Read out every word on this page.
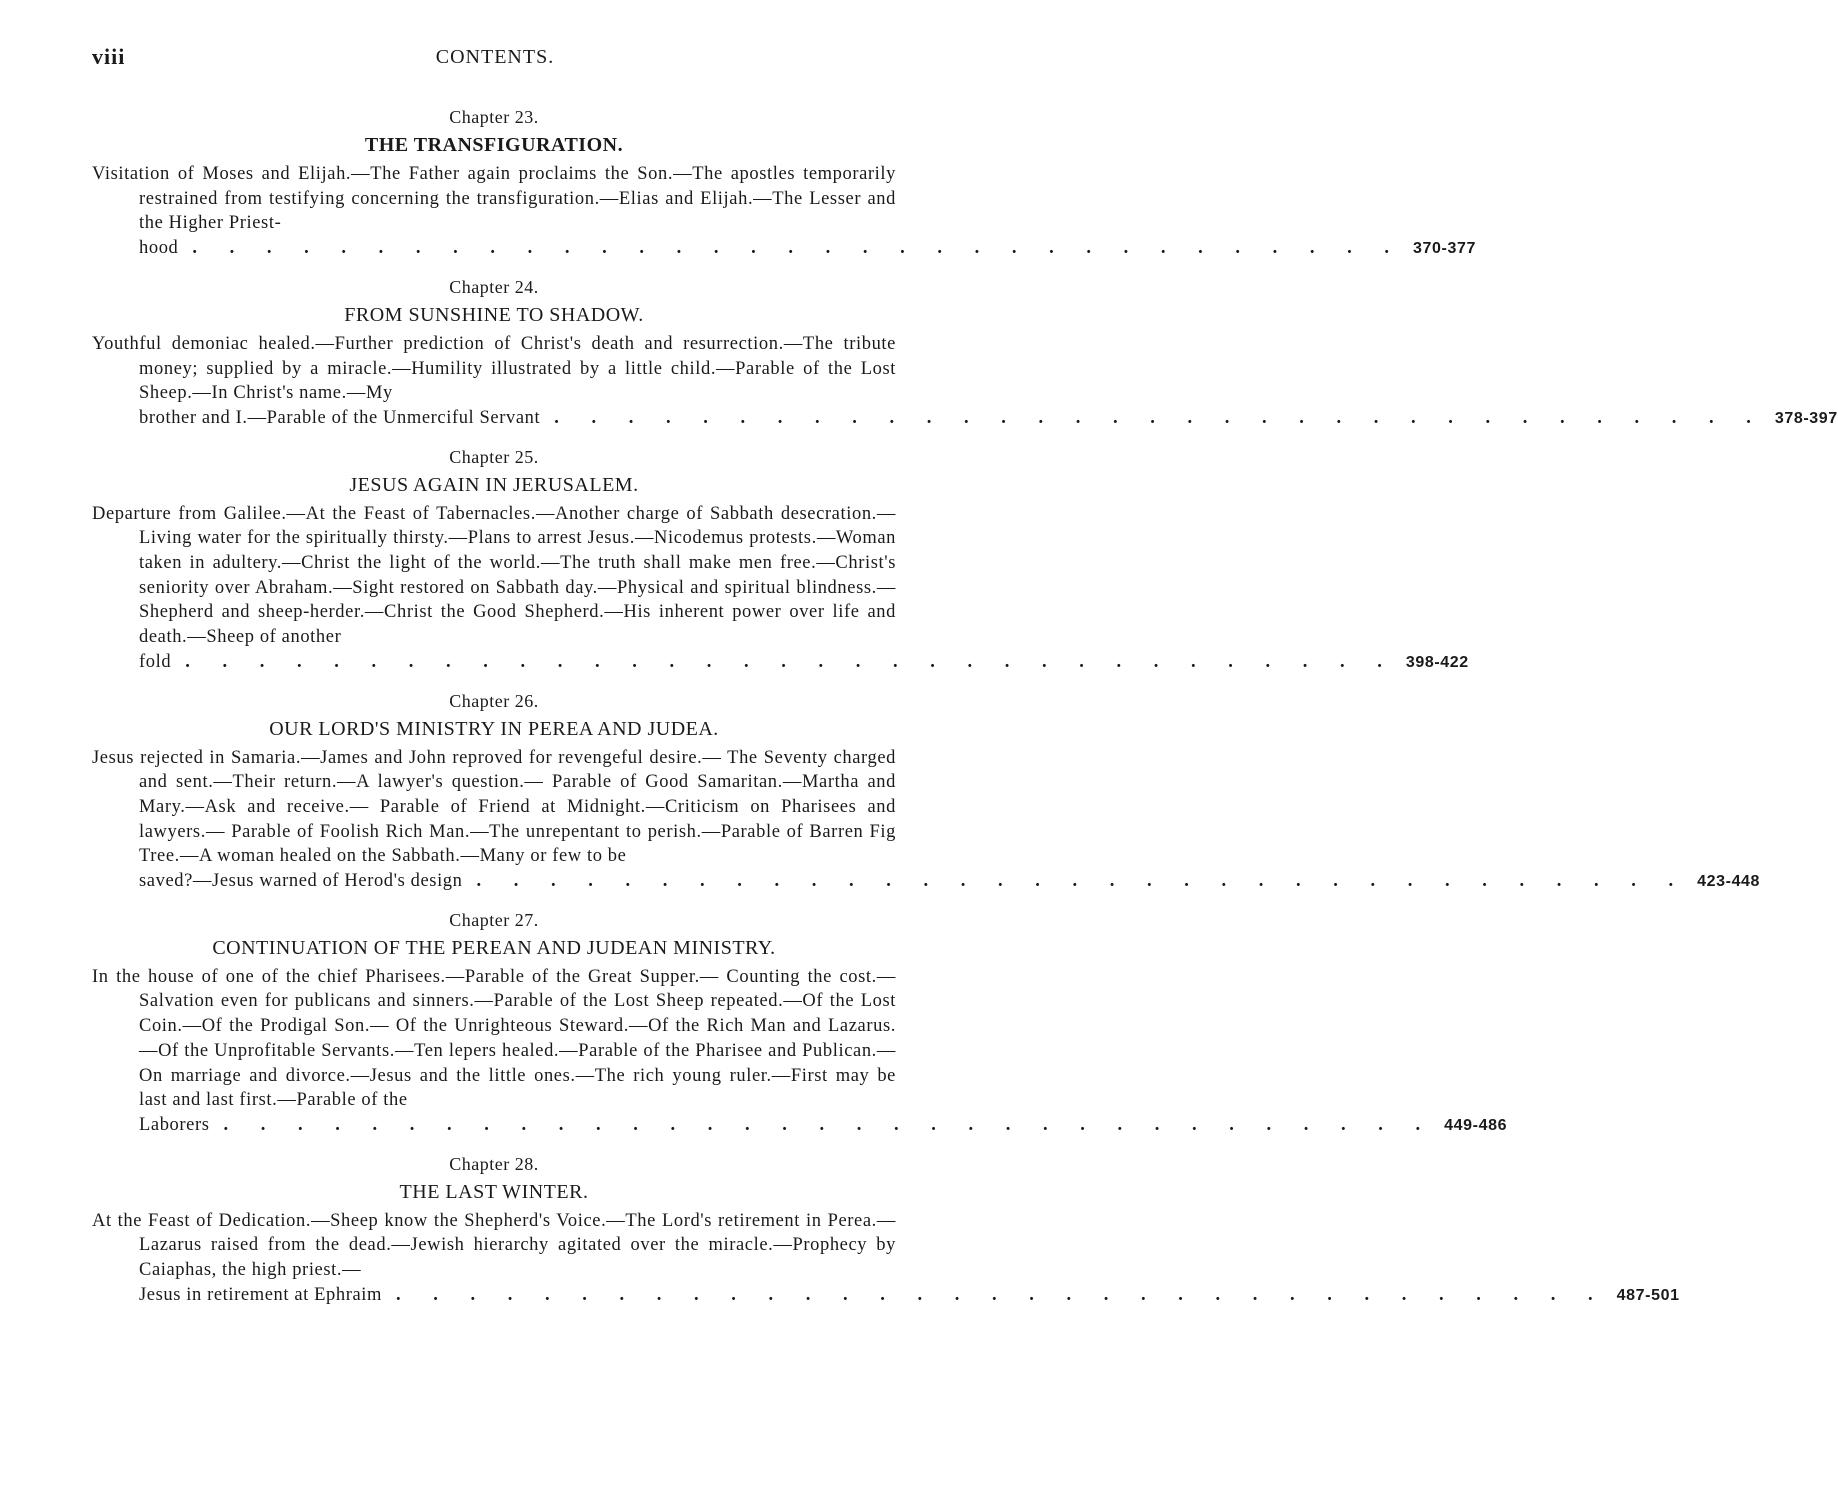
viii	CONTENTS.
Chapter 23.
THE TRANSFIGURATION.

Visitation of Moses and Elijah.—The Father again proclaims the Son.—The apostles temporarily restrained from testifying concerning the transfiguration.—Elias and Elijah.—The Lesser and the Higher Priest-

hood . . . . . . . . . . . . . . . . . . . . . . . . . . . . . . . . . 370-377
Chapter 24.
FROM SUNSHINE TO SHADOW.

Youthful demoniac healed.—Further prediction of Christ's death and resurrection.—The tribute money; supplied by a miracle.—Humility illustrated by a little child.—Parable of the Lost Sheep.—In Christ's name.—My

brother and I.—Parable of the Unmerciful Servant . . . . . . . . . . . . . . . . . . . . . . . . . . . . . . . . . 378-397
Chapter 25.
JESUS AGAIN IN JERUSALEM.

Departure from Galilee.—At the Feast of Tabernacles.—Another charge of Sabbath desecration.—Living water for the spiritually thirsty.—Plans to arrest Jesus.—Nicodemus protests.—Woman taken in adultery.—Christ the light of the world.—The truth shall make men free.—Christ's seniority over Abraham.—Sight restored on Sabbath day.—Physical and spiritual blindness.—Shepherd and sheep-herder.—Christ the Good Shepherd.—His inherent power over life and death.—Sheep of another

fold . . . . . . . . . . . . . . . . . . . . . . . . . . . . . . . . . 398-422
Chapter 26.
OUR LORD'S MINISTRY IN PEREA AND JUDEA.

Jesus rejected in Samaria.—James and John reproved for revengeful desire.— The Seventy charged and sent.—Their return.—A lawyer's question.— Parable of Good Samaritan.—Martha and Mary.—Ask and receive.— Parable of Friend at Midnight.—Criticism on Pharisees and lawyers.— Parable of Foolish Rich Man.—The unrepentant to perish.—Parable of Barren Fig Tree.—A woman healed on the Sabbath.—Many or few to be

saved?—Jesus warned of Herod's design . . . . . . . . . . . . . . . . . . . . . . . . . . . . . . . . . 423-448
Chapter 27.
CONTINUATION OF THE PEREAN AND JUDEAN MINISTRY.

In the house of one of the chief Pharisees.—Parable of the Great Supper.— Counting the cost.—Salvation even for publicans and sinners.—Parable of the Lost Sheep repeated.—Of the Lost Coin.—Of the Prodigal Son.— Of the Unrighteous Steward.—Of the Rich Man and Lazarus.—Of the Unprofitable Servants.—Ten lepers healed.—Parable of the Pharisee and Publican.—On marriage and divorce.—Jesus and the little ones.—The rich young ruler.—First may be last and last first.—Parable of the

Laborers . . . . . . . . . . . . . . . . . . . . . . . . . . . . . . . . . 449-486
Chapter 28.
THE LAST WINTER.

At the Feast of Dedication.—Sheep know the Shepherd's Voice.—The Lord's retirement in Perea.—Lazarus raised from the dead.—Jewish hierarchy agitated over the miracle.—Prophecy by Caiaphas, the high priest.—

Jesus in retirement at Ephraim . . . . . . . . . . . . . . . . . . . . . . . . . . . . . . . . . 487-501
